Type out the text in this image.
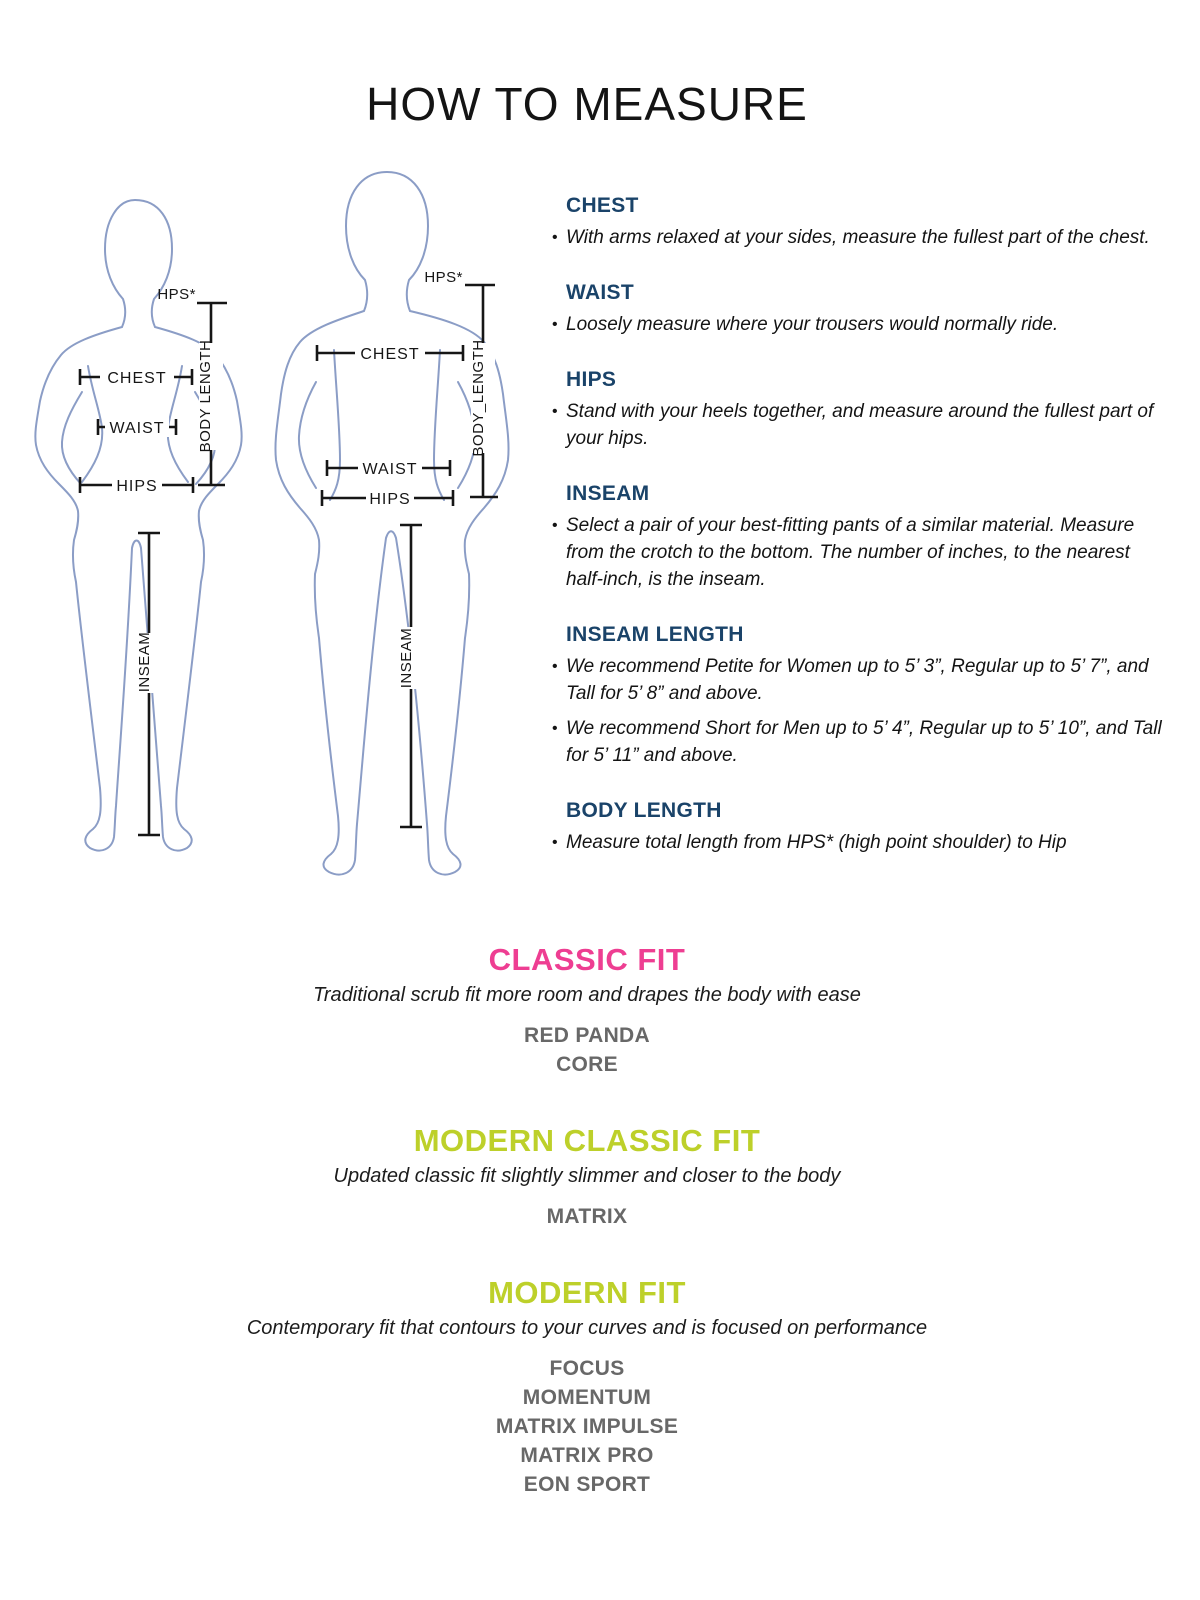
HOW TO MEASURE
HPS*
CHEST
WAIST
HIPS
BODY LENGTH
INSEAM
HPS*
CHEST
WAIST
HIPS
BODY_LENGTH
INSEAM
CHEST
• With arms relaxed at your sides, measure the fullest part of the chest.
WAIST
• Loosely measure where your trousers would normally ride.
HIPS
• Stand with your heels together, and measure around the fullest part of your hips.
INSEAM
• Select a pair of your best-fitting pants of a similar material. Measure from the crotch to the bottom. The number of inches, to the nearest half-inch, is the inseam.
INSEAM LENGTH
• We recommend Petite for Women up to 5’ 3”, Regular up to 5’ 7”, and Tall for 5’ 8” and above.
• We recommend Short for Men up to 5’ 4”, Regular up to 5’ 10”, and Tall for 5’ 11” and above.
BODY LENGTH
• Measure total length from HPS* (high point shoulder) to Hip
CLASSIC FIT

Traditional scrub fit more room and drapes the body with ease

RED PANDA
CORE
MODERN CLASSIC FIT

Updated classic fit slightly slimmer and closer to the body

MATRIX
MODERN FIT

Contemporary fit that contours to your curves and is focused on performance

FOCUS
MOMENTUM
MATRIX IMPULSE
MATRIX PRO
EON SPORT
